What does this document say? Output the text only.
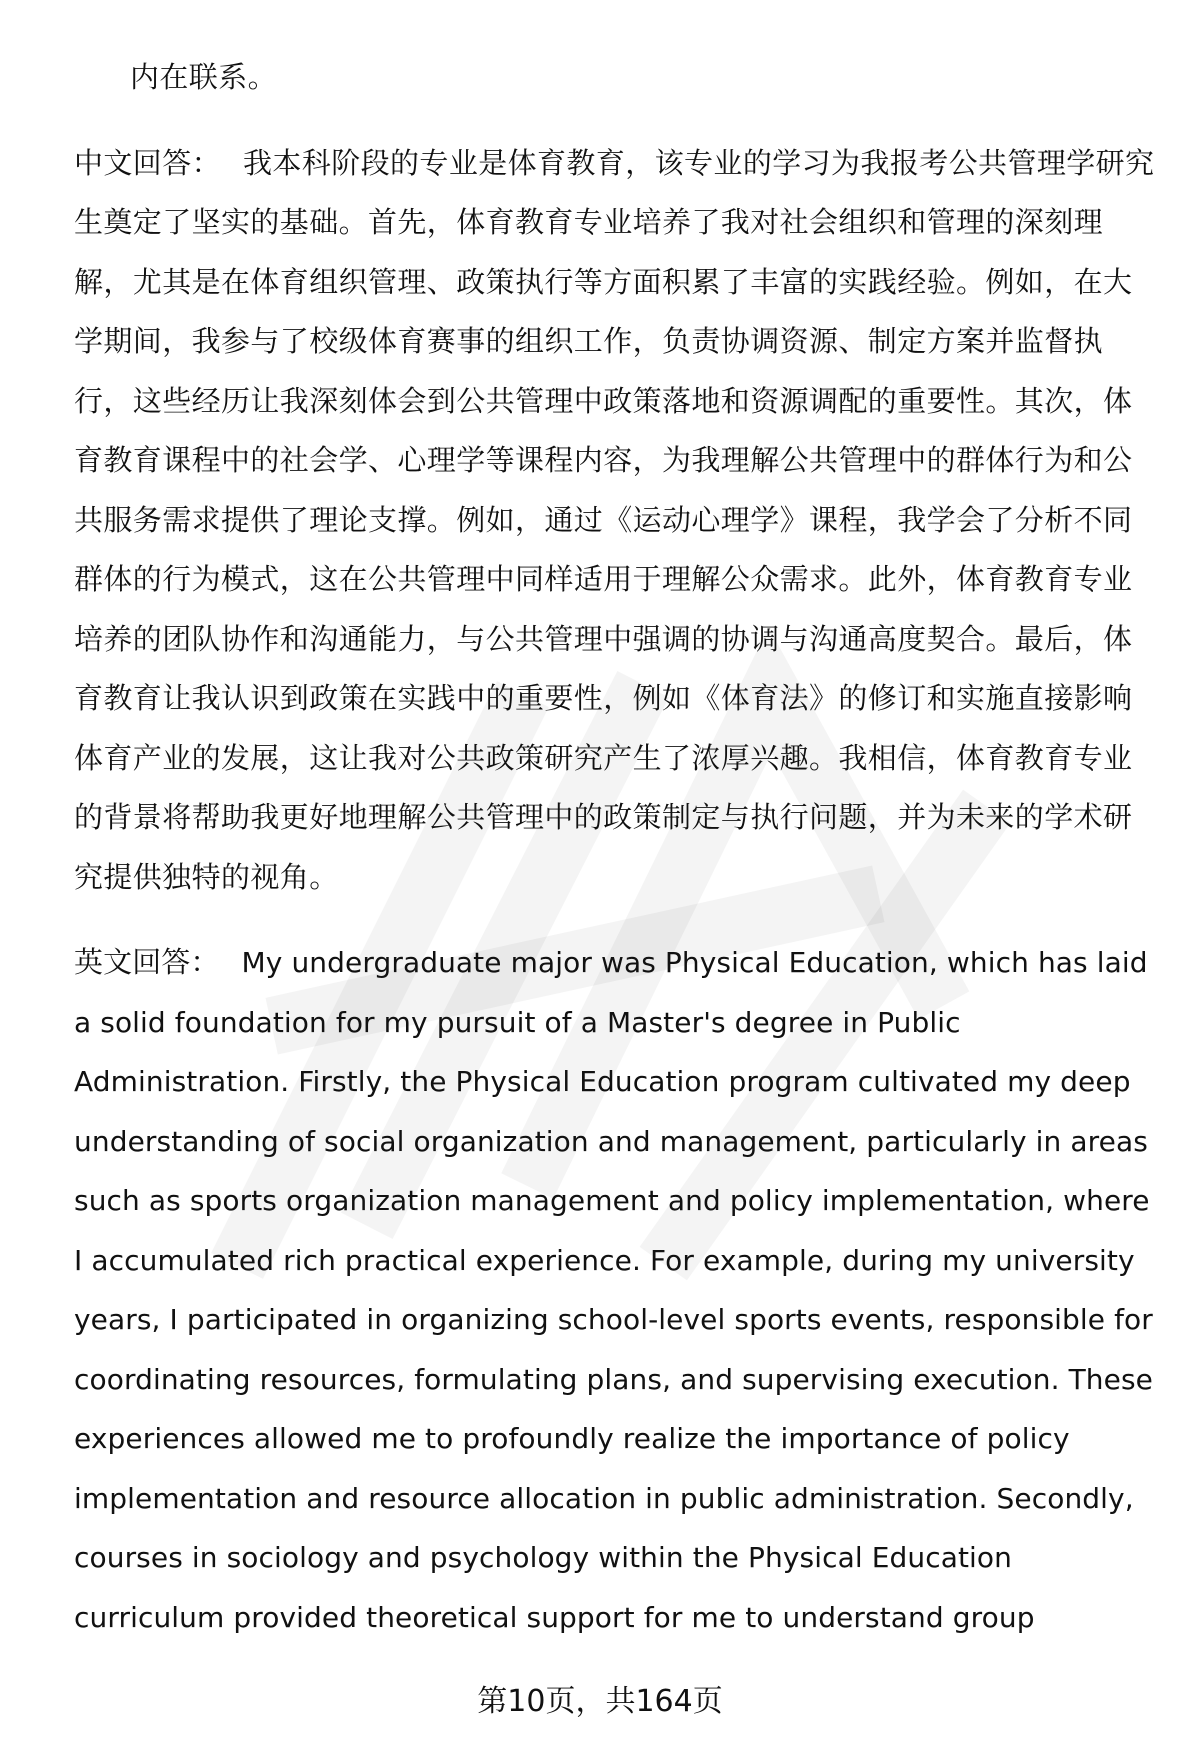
内在联系。
中文回答： 我本科阶段的专业是体育教育，该专业的学习为我报考公共管理学研究
生奠定了坚实的基础。首先，体育教育专业培养了我对社会组织和管理的深刻理
解，尤其是在体育组织管理、政策执行等方面积累了丰富的实践经验。例如，在大
学期间，我参与了校级体育赛事的组织工作，负责协调资源、制定方案并监督执
行，这些经历让我深刻体会到公共管理中政策落地和资源调配的重要性。其次，体
育教育课程中的社会学、心理学等课程内容，为我理解公共管理中的群体行为和公
共服务需求提供了理论支撑。例如，通过《运动心理学》课程，我学会了分析不同
群体的行为模式，这在公共管理中同样适用于理解公众需求。此外，体育教育专业
培养的团队协作和沟通能力，与公共管理中强调的协调与沟通高度契合。最后，体
育教育让我认识到政策在实践中的重要性，例如《体育法》的修订和实施直接影响
体育产业的发展，这让我对公共政策研究产生了浓厚兴趣。我相信，体育教育专业
的背景将帮助我更好地理解公共管理中的政策制定与执行问题，并为未来的学术研
究提供独特的视角。
英文回答： My undergraduate major was Physical Education, which has laid
a solid foundation for my pursuit of a Master's degree in Public
Administration. Firstly, the Physical Education program cultivated my deep
understanding of social organization and management, particularly in areas
such as sports organization management and policy implementation, where
I accumulated rich practical experience. For example, during my university
years, I participated in organizing school-level sports events, responsible for
coordinating resources, formulating plans, and supervising execution. These
experiences allowed me to profoundly realize the importance of policy
implementation and resource allocation in public administration. Secondly,
courses in sociology and psychology within the Physical Education
curriculum provided theoretical support for me to understand group
第10页，共164页
